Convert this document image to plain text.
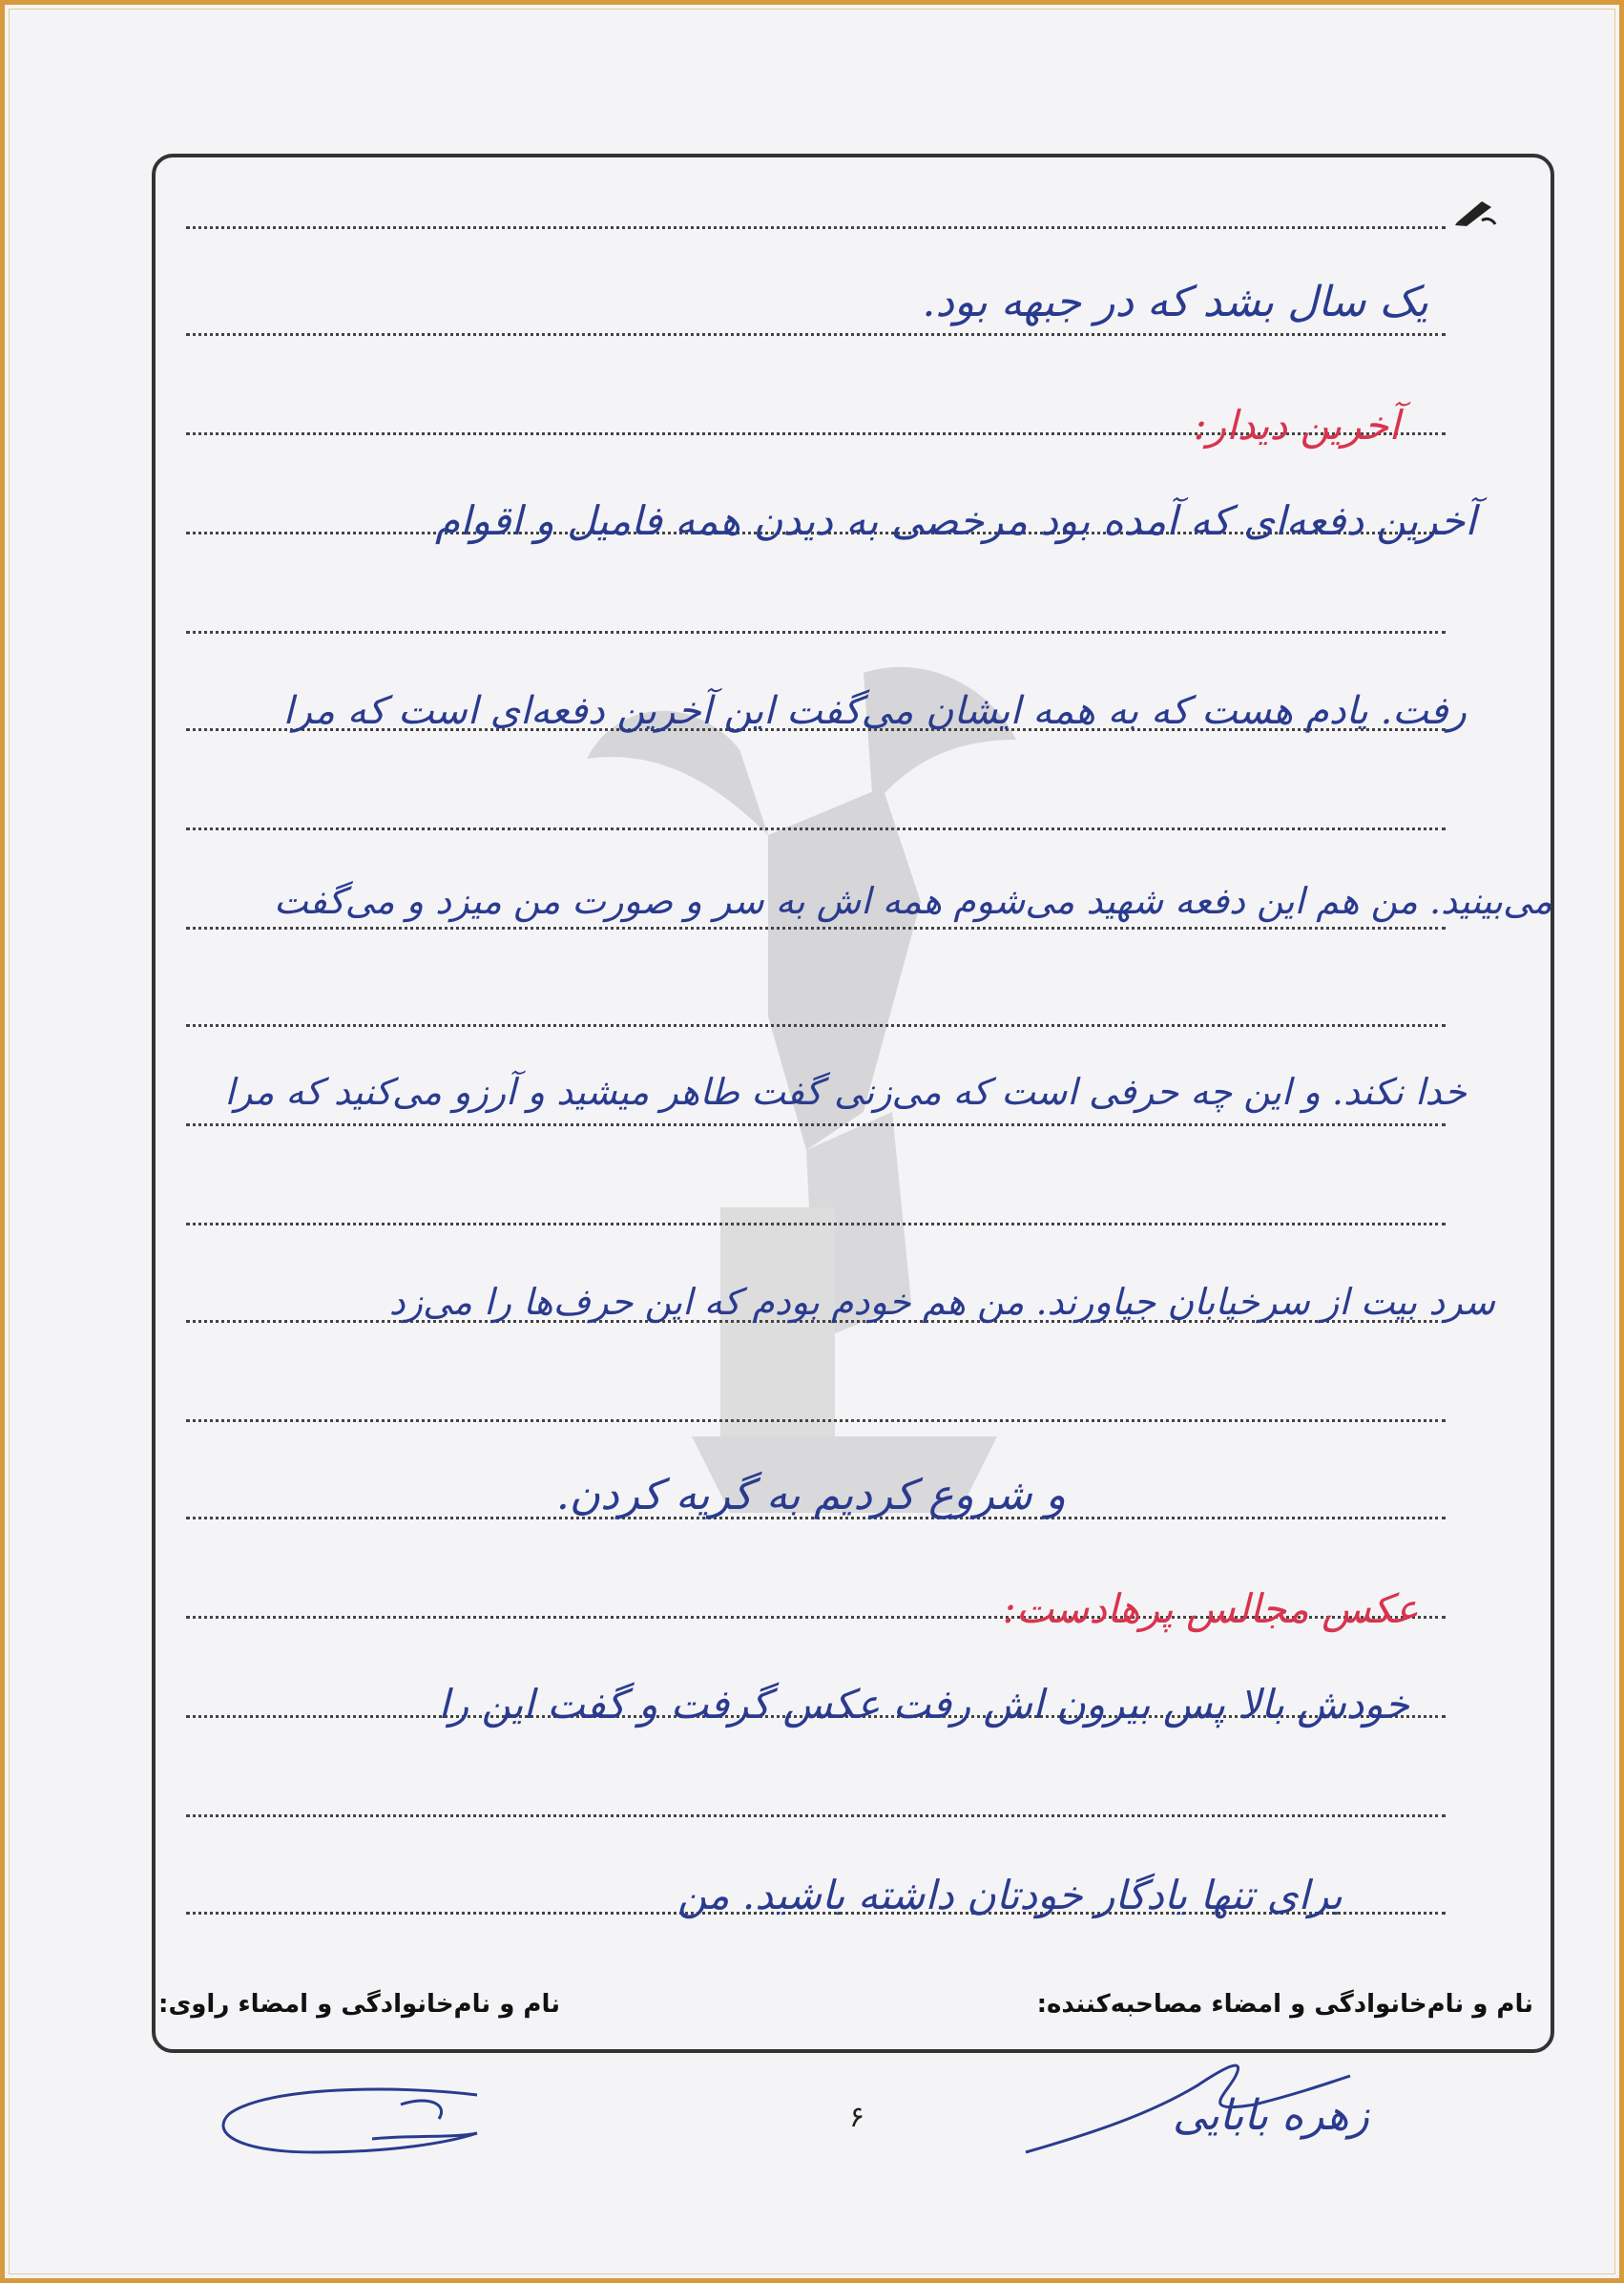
یک سال بشد که در جبهه بود.
آخرین دیدار:
آخرین دفعه‌ای که آمده بود مرخصی به دیدن همه فامیل و اقوام
رفت. یادم هست که به همه ایشان می‌گفت این آخرین دفعه‌ای است که مرا
می‌بینید. من هم این دفعه شهید می‌شوم همه اش به سر و صورت من میزد و می‌گفت
خدا نکند. و این چه حرفی است که می‌زنی گفت طاهر میشید و آرزو می‌کنید که مرا
سرد بیت از سرخیابان جیاورند. من هم خودم بودم که این حرف‌ها را می‌زد
و شروع کردیم به گریه کردن.
عکس مجالس پرهادست:
خودش بالا پس بیرون اش رفت عکس گرفت و گفت این را
برای تنها یادگار خودتان داشته باشید. من
نام و نام‌خانوادگی و امضاء مصاحبه‌کننده:
نام و نام‌خانوادگی و امضاء راوی:
۶	زهره بابایی
